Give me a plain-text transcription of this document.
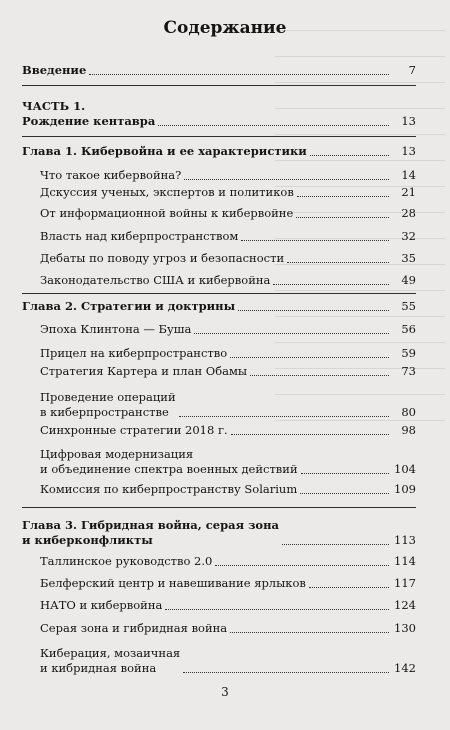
Содержание
Введение	7
ЧАСТЬ 1.
Рождение кентавра	13
Глава 1. Кибервойна и ее характеристики	13
Что такое кибервойна?	14
Дскуссия ученых, экспертов и политиков	21
От информационной войны к кибервойне	28
Власть над киберпространством	32
Дебаты по поводу угроз и безопасности	35
Законодательство США и кибервойна	49
Глава 2. Стратегии и доктрины	55
Эпоха Клинтона — Буша	56
Прицел на киберпространство	59
Стратегия Картера и план Обамы	73
Проведение операций
в киберпространстве	80
Синхронные стратегии 2018 г.	98
Цифровая модернизация
и объединение спектра военных действий	104
Комиссия по киберпространству Solarium	109
Глава 3. Гибридная война, серая зона
и киберконфликты	113
Таллинское руководство 2.0	114
Белферский центр и навешивание ярлыков	117
НАТО и кибервойна	124
Серая зона и гибридная война	130
Киберация, мозаичная
и кибридная война	142
3
